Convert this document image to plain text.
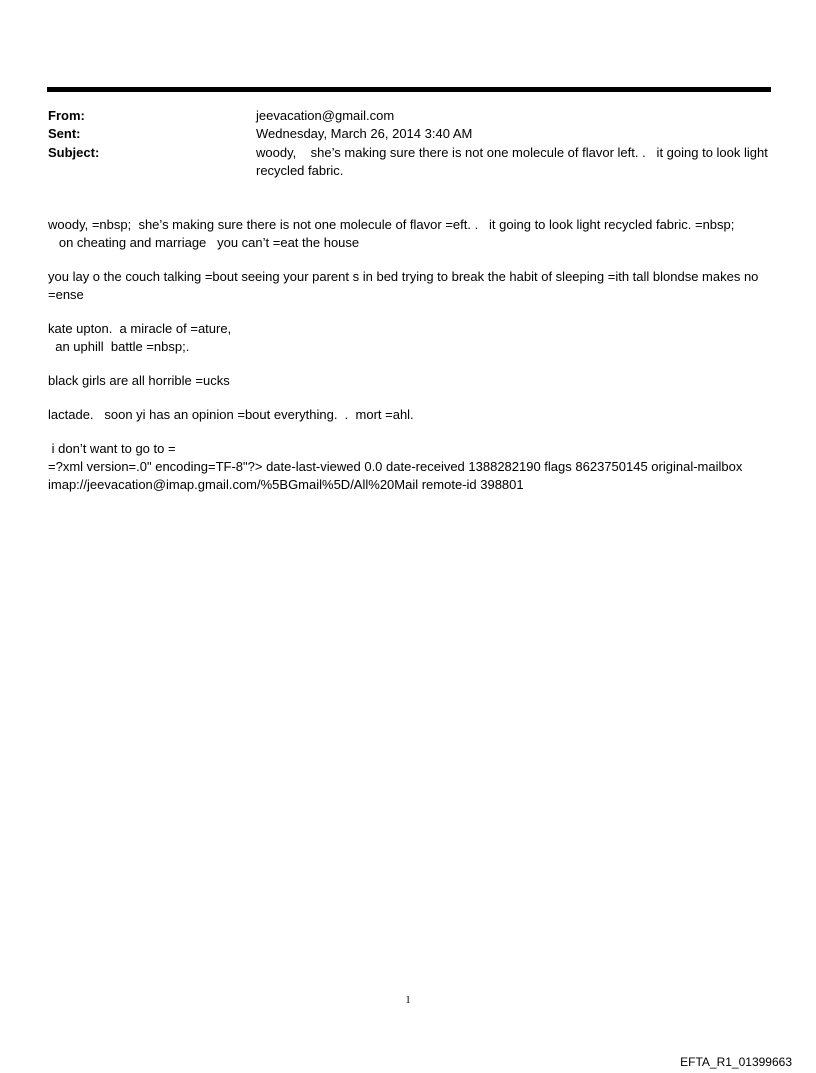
From:	jeevacation@gmail.com
Sent:	Wednesday, March 26, 2014 3:40 AM
Subject:	woody,    she’s making sure there is not one molecule of flavor left. .   it going to look light recycled fabric.

woody, =nbsp;  she’s making sure there is not one molecule of flavor =eft. .   it going to look light recycled fabric. =nbsp;
on cheating and marriage   you can’t =eat the house

you lay o the couch talking =bout seeing your parent s in bed trying to break the habit of sleeping =ith tall blondse makes no =ense

kate upton.  a miracle of =ature,
an uphill  battle =nbsp;.

black girls are all horrible =ucks

lactade.   soon yi has an opinion =bout everything.  .  mort =ahl.

i don’t want to go to =
=?xml version=.0" encoding=TF-8"?> date-last-viewed 0.0 date-received 1388282190 flags 8623750145 original-mailbox imap://jeevacation@imap.gmail.com/%5BGmail%5D/All%20Mail remote-id 398801

1
EFTA_R1_01399663
